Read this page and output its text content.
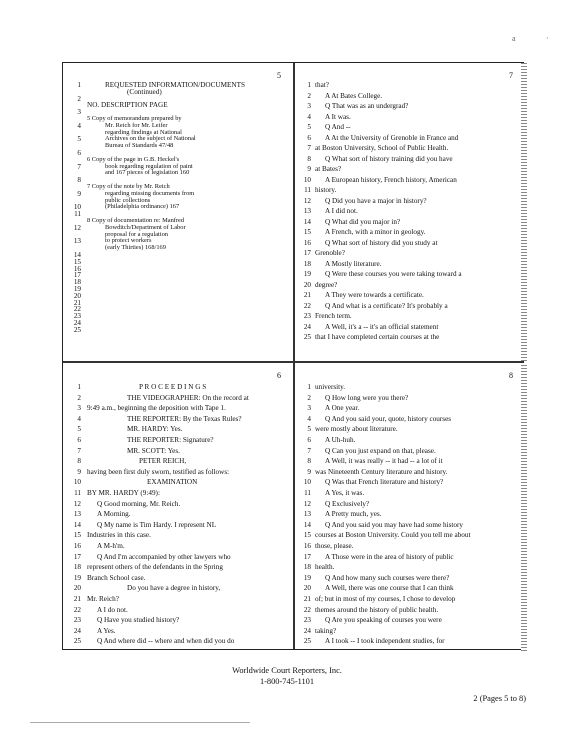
a	·
5
1	REQUESTED INFORMATION/DOCUMENTS
(Continued)
2
NO. DESCRIPTION PAGE
3
5 Copy of memorandum prepared by
4	Mr. Reich for Mr. Leifer
regarding findings at National
5	Archives on the subject of National
Bureau of Standards 47/48
6
6 Copy of the page in G.B. Heckel's
7	book regarding regulation of paint
and 167 pieces of legislation 160
8
7 Copy of the note by Mr. Reich
9	regarding missing documents from
public collections
10	(Philadelphia ordinance) 167
11
8 Copy of documentation re: Manfred
12	Bowditch/Department of Labor
proposal for a regulation
13	to protect workers
(early Thirties) 168/169
14
15
16
17
18
19
20
21
22
23
24
25
7
1 that?
2 A At Bates College.
3 Q That was as an undergrad?
4 A It was.
5 Q And --
6 A At the University of Grenoble in France and
7 at Boston University, School of Public Health.
8 Q What sort of history training did you have
9 at Bates?
10 A European history, French history, American
11 history.
12 Q Did you have a major in history?
13 A I did not.
14 Q What did you major in?
15 A French, with a minor in geology.
16 Q What sort of history did you study at
17 Grenoble?
18 A Mostly literature.
19 Q Were these courses you were taking toward a
20 degree?
21 A They were towards a certificate.
22 Q And what is a certificate? It's probably a
23 French term.
24 A Well, it's a -- it's an official statement
25 that I have completed certain courses at the
6
1	P R O C E E D I N G S
2	THE VIDEOGRAPHER: On the record at
3 9:49 a.m., beginning the deposition with Tape 1.
4	THE REPORTER: By the Texas Rules?
5	MR. HARDY: Yes.
6	THE REPORTER: Signature?
7	MR. SCOTT: Yes.
8	PETER REICH,
9 having been first duly sworn, testified as follows:
10	EXAMINATION
11 BY MR. HARDY (9:49):
12 Q Good morning, Mr. Reich.
13 A Morning.
14 Q My name is Tim Hardy. I represent NL
15 Industries in this case.
16 A M-h'm.
17 Q And I'm accompanied by other lawyers who
18 represent others of the defendants in the Spring
19 Branch School case.
20	Do you have a degree in history,
21 Mr. Reich?
22 A I do not.
23 Q Have you studied history?
24 A Yes.
25 Q And where did -- where and when did you do
8
1 university.
2 Q How long were you there?
3 A One year.
4 Q And you said your, quote, history courses
5 were mostly about literature.
6 A Uh-huh.
7 Q Can you just expand on that, please.
8 A Well, it was really -- it had -- a lot of it
9 was Nineteenth Century literature and history.
10 Q Was that French literature and history?
11 A Yes, it was.
12 Q Exclusively?
13 A Pretty much, yes.
14 Q And you said you may have had some history
15 courses at Boston University. Could you tell me about
16 those, please.
17 A Those were in the area of history of public
18 health.
19 Q And how many such courses were there?
20 A Well, there was one course that I can think
21 of; but in most of my courses, I chose to develop
22 themes around the history of public health.
23 Q Are you speaking of courses you were
24 taking?
25 A I took -- I took independent studies, for
Worldwide Court Reporters, Inc.
1-800-745-1101
2 (Pages 5 to 8)
